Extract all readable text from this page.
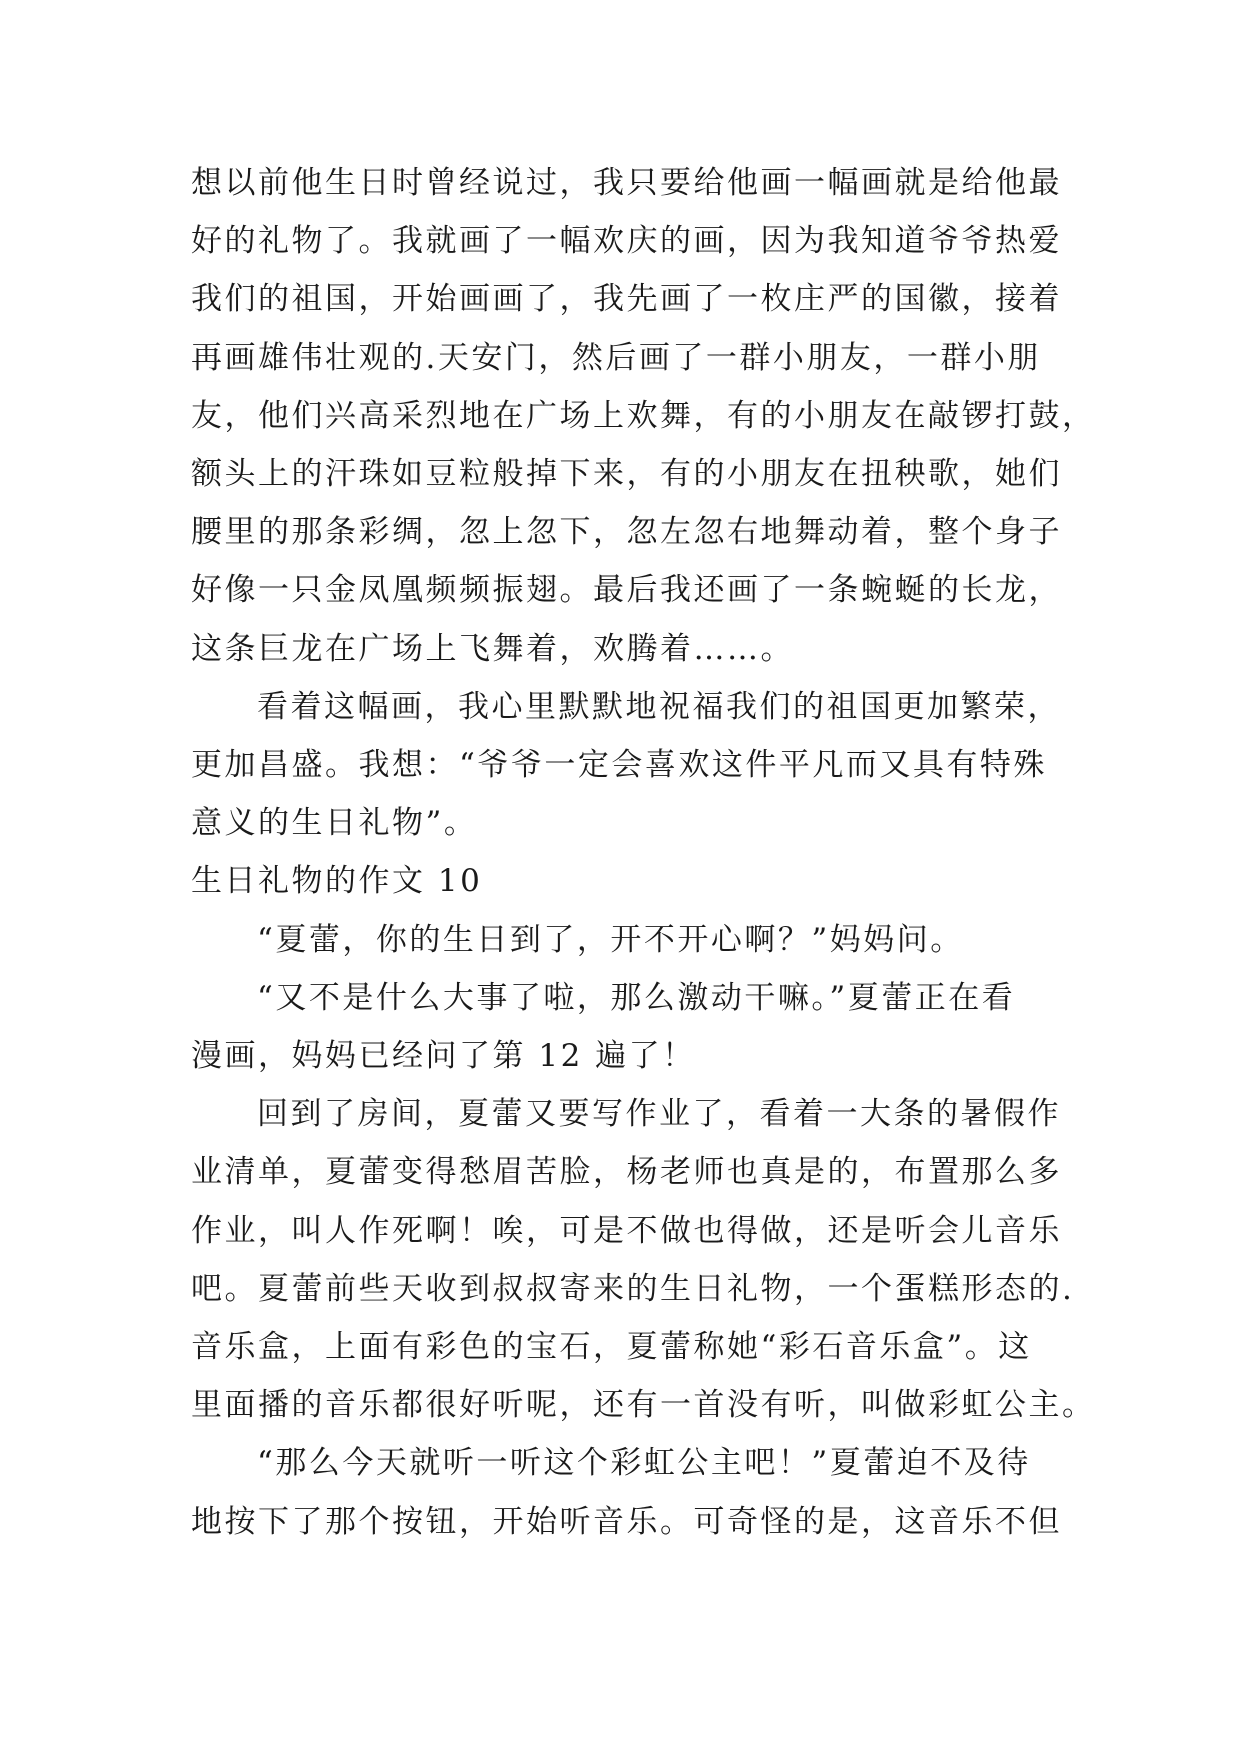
想以前他生日时曾经说过，我只要给他画一幅画就是给他最
好的礼物了。我就画了一幅欢庆的画，因为我知道爷爷热爱
我们的祖国，开始画画了，我先画了一枚庄严的国徽，接着
再画雄伟壮观的.天安门，然后画了一群小朋友，一群小朋
友，他们兴高采烈地在广场上欢舞，有的小朋友在敲锣打鼓，
额头上的汗珠如豆粒般掉下来，有的小朋友在扭秧歌，她们
腰里的那条彩绸，忽上忽下，忽左忽右地舞动着，整个身子
好像一只金凤凰频频振翅。最后我还画了一条蜿蜒的长龙，
这条巨龙在广场上飞舞着，欢腾着……。
看着这幅画，我心里默默地祝福我们的祖国更加繁荣，
更加昌盛。我想：“爷爷一定会喜欢这件平凡而又具有特殊
意义的生日礼物”。
生日礼物的作文 10
“夏蕾，你的生日到了，开不开心啊？”妈妈问。
“又不是什么大事了啦，那么激动干嘛。”夏蕾正在看
漫画，妈妈已经问了第 12 遍了！
回到了房间，夏蕾又要写作业了，看着一大条的暑假作
业清单，夏蕾变得愁眉苦脸，杨老师也真是的，布置那么多
作业，叫人作死啊！唉，可是不做也得做，还是听会儿音乐
吧。夏蕾前些天收到叔叔寄来的生日礼物，一个蛋糕形态的.
音乐盒，上面有彩色的宝石，夏蕾称她“彩石音乐盒”。这
里面播的音乐都很好听呢，还有一首没有听，叫做彩虹公主。
“那么今天就听一听这个彩虹公主吧！”夏蕾迫不及待
地按下了那个按钮，开始听音乐。可奇怪的是，这音乐不但
